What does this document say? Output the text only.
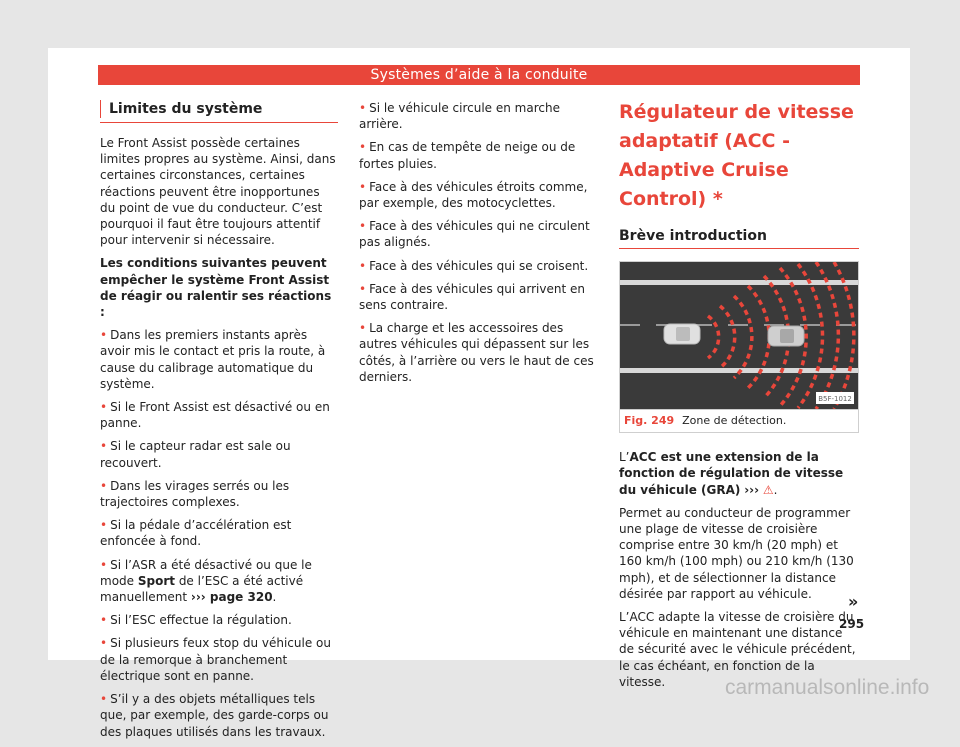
Systèmes d’aide à la conduite
Limites du système

Le Front Assist possède certaines limites propres au système. Ainsi, dans certaines circonstances, certaines réactions peuvent être inopportunes du point de vue du conducteur. C’est pourquoi il faut être toujours attentif pour intervenir si nécessaire.

Les conditions suivantes peuvent empêcher le système Front Assist de réagir ou ralentir ses réactions :

• Dans les premiers instants après avoir mis le contact et pris la route, à cause du calibrage automatique du système.

• Si le Front Assist est désactivé ou en panne.

• Si le capteur radar est sale ou recouvert.

• Dans les virages serrés ou les trajectoires complexes.

• Si la pédale d’accélération est enfoncée à fond.

• Si l’ASR a été désactivé ou que le mode Sport de l’ESC a été activé manuellement ››› page 320.

• Si l’ESC effectue la régulation.

• Si plusieurs feux stop du véhicule ou de la remorque à branchement électrique sont en panne.

• S’il y a des objets métalliques tels que, par exemple, des garde-corps ou des plaques utilisés dans les travaux.

• Si le véhicule circule en marche arrière.

• En cas de tempête de neige ou de fortes pluies.

• Face à des véhicules étroits comme, par exemple, des motocyclettes.

• Face à des véhicules qui ne circulent pas alignés.

• Face à des véhicules qui se croisent.

• Face à des véhicules qui arrivent en sens contraire.

• La charge et les accessoires des autres véhicules qui dépassent sur les côtés, à l’arrière ou vers le haut de ces derniers.

Régulateur de vitesse adaptatif (ACC - Adaptive Cruise Control) *
Brève introduction
B5F-1012
Fig. 249 Zone de détection.

L’ACC est une extension de la fonction de régulation de vitesse du véhicule (GRA) ››› ⚠.

Permet au conducteur de programmer une plage de vitesse de croisière comprise entre 30 km/h (20 mph) et 160 km/h (100 mph) ou 210 km/h (130 mph), et de sélectionner la distance désirée par rapport au véhicule.

L’ACC adapte la vitesse de croisière du véhicule en maintenant une distance de sécurité avec le véhicule précédent, le cas échéant, en fonction de la vitesse.

»
295
carmanualsonline.info
